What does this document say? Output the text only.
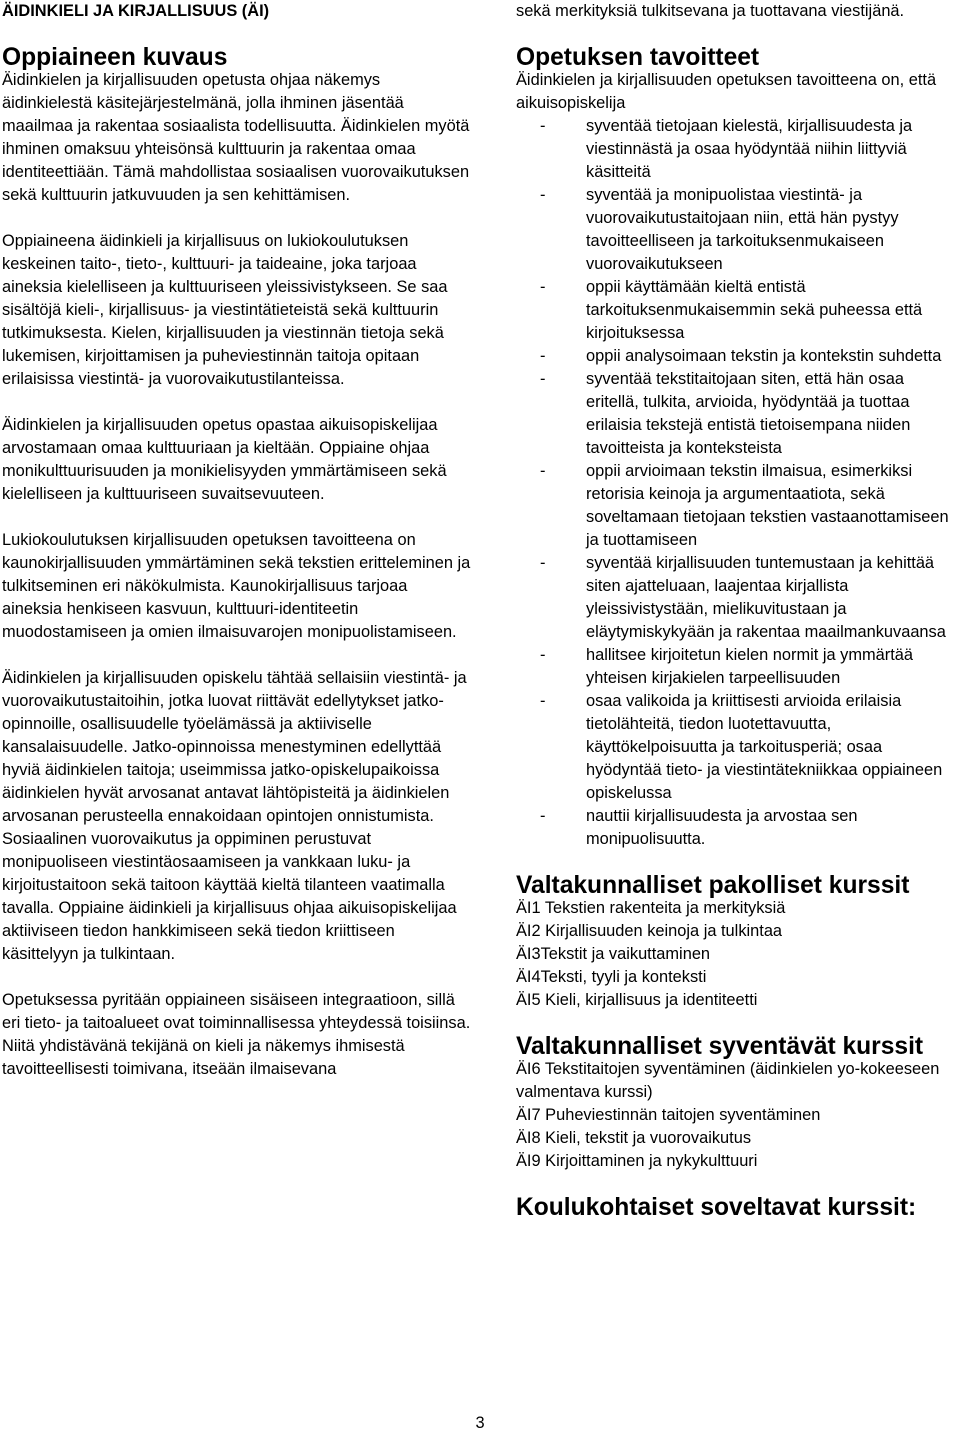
ÄIDINKIELI JA KIRJALLISUUS (ÄI)
Oppiaineen kuvaus

Äidinkielen ja kirjallisuuden opetusta ohjaa näkemys äidinkielestä käsitejärjestelmänä, jolla ihminen jäsentää maailmaa ja rakentaa sosiaalista todellisuutta. Äidinkielen myötä ihminen omaksuu yhteisönsä kulttuurin ja rakentaa omaa identiteettiään. Tämä mahdollistaa sosiaalisen vuorovaikutuksen sekä kulttuurin jatkuvuuden ja sen kehittämisen.

Oppiaineena äidinkieli ja kirjallisuus on lukiokoulutuksen keskeinen taito-, tieto-, kulttuuri- ja taideaine, joka tarjoaa aineksia kielelliseen ja kulttuuriseen yleissivistykseen. Se saa sisältöjä kieli-, kirjallisuus- ja viestintätieteistä sekä kulttuurin tutkimuksesta. Kielen, kirjallisuuden ja viestinnän tietoja sekä lukemisen, kirjoittamisen ja puheviestinnän taitoja opitaan erilaisissa viestintä- ja vuorovaikutustilanteissa.

Äidinkielen ja kirjallisuuden opetus opastaa aikuisopiskelijaa arvostamaan omaa kulttuuriaan ja kieltään. Oppiaine ohjaa monikulttuurisuuden ja monikielisyyden ymmärtämiseen sekä kielelliseen ja kulttuuriseen suvaitsevuuteen.

Lukiokoulutuksen kirjallisuuden opetuksen tavoitteena on kaunokirjallisuuden ymmärtäminen sekä tekstien eritteleminen ja tulkitseminen eri näkökulmista. Kaunokirjallisuus tarjoaa aineksia henkiseen kasvuun, kulttuuri-identiteetin muodostamiseen ja omien ilmaisuvarojen monipuolistamiseen.

Äidinkielen ja kirjallisuuden opiskelu tähtää sellaisiin viestintä- ja vuorovaikutustaitoihin, jotka luovat riittävät edellytykset jatko-opinnoille, osallisuudelle työelämässä ja aktiiviselle kansalaisuudelle. Jatko-opinnoissa menestyminen edellyttää hyviä äidinkielen taitoja; useimmissa jatko-opiskelupaikoissa äidinkielen hyvät arvosanat antavat lähtöpisteitä ja äidinkielen arvosanan perusteella ennakoidaan opintojen onnistumista. Sosiaalinen vuorovaikutus ja oppiminen perustuvat monipuoliseen viestintäosaamiseen ja vankkaan luku- ja kirjoitustaitoon sekä taitoon käyttää kieltä tilanteen vaatimalla tavalla. Oppiaine äidinkieli ja kirjallisuus ohjaa aikuisopiskelijaa aktiiviseen tiedon hankkimiseen sekä tiedon kriittiseen käsittelyyn ja tulkintaan.

Opetuksessa pyritään oppiaineen sisäiseen integraatioon, sillä eri tieto- ja taitoalueet ovat toiminnallisessa yhteydessä toisiinsa. Niitä yhdistävänä tekijänä on kieli ja näkemys ihmisestä tavoitteellisesti toimivana, itseään ilmaisevana

sekä merkityksiä tulkitsevana ja tuottavana viestijänä.

Opetuksen tavoitteet
Äidinkielen ja kirjallisuuden opetuksen tavoitteena on, että aikuisopiskelija
- syventää tietojaan kielestä, kirjallisuudesta ja viestinnästä ja osaa hyödyntää niihin liittyviä käsitteitä
- syventää ja monipuolistaa viestintä- ja vuorovaikutustaitojaan niin, että hän pystyy tavoitteelliseen ja tarkoituksenmukaiseen vuorovaikutukseen
- oppii käyttämään kieltä entistä tarkoituksenmukaisemmin sekä puheessa että kirjoituksessa
- oppii analysoimaan tekstin ja kontekstin suhdetta
- syventää tekstitaitojaan siten, että hän osaa eritellä, tulkita, arvioida, hyödyntää ja tuottaa erilaisia tekstejä entistä tietoisempana niiden tavoitteista ja konteksteista
- oppii arvioimaan tekstin ilmaisua, esimerkiksi retorisia keinoja ja argumentaatiota, sekä soveltamaan tietojaan tekstien vastaanottamiseen ja tuottamiseen
- syventää kirjallisuuden tuntemustaan ja kehittää siten ajatteluaan, laajentaa kirjallista yleissivistystään, mielikuvitustaan ja eläytymiskykyään ja rakentaa maailmankuvaansa
- hallitsee kirjoitetun kielen normit ja ymmärtää yhteisen kirjakielen tarpeellisuuden
- osaa valikoida ja kriittisesti arvioida erilaisia tietolähteitä, tiedon luotettavuutta, käyttökelpoisuutta ja tarkoitusperiä; osaa hyödyntää tieto- ja viestintätekniikkaa oppiaineen opiskelussa
- nauttii kirjallisuudesta ja arvostaa sen monipuolisuutta.
Valtakunnalliset pakolliset kurssit
ÄI1 Tekstien rakenteita ja merkityksiä
ÄI2 Kirjallisuuden keinoja ja tulkintaa
ÄI3Tekstit ja vaikuttaminen
ÄI4Teksti, tyyli ja konteksti
ÄI5 Kieli, kirjallisuus ja identiteetti
Valtakunnalliset syventävät kurssit
ÄI6 Tekstitaitojen syventäminen (äidinkielen yo-kokeeseen valmentava kurssi)
ÄI7 Puheviestinnän taitojen syventäminen
ÄI8 Kieli, tekstit ja vuorovaikutus
ÄI9 Kirjoittaminen ja nykykulttuuri
Koulukohtaiset soveltavat kurssit:
3
